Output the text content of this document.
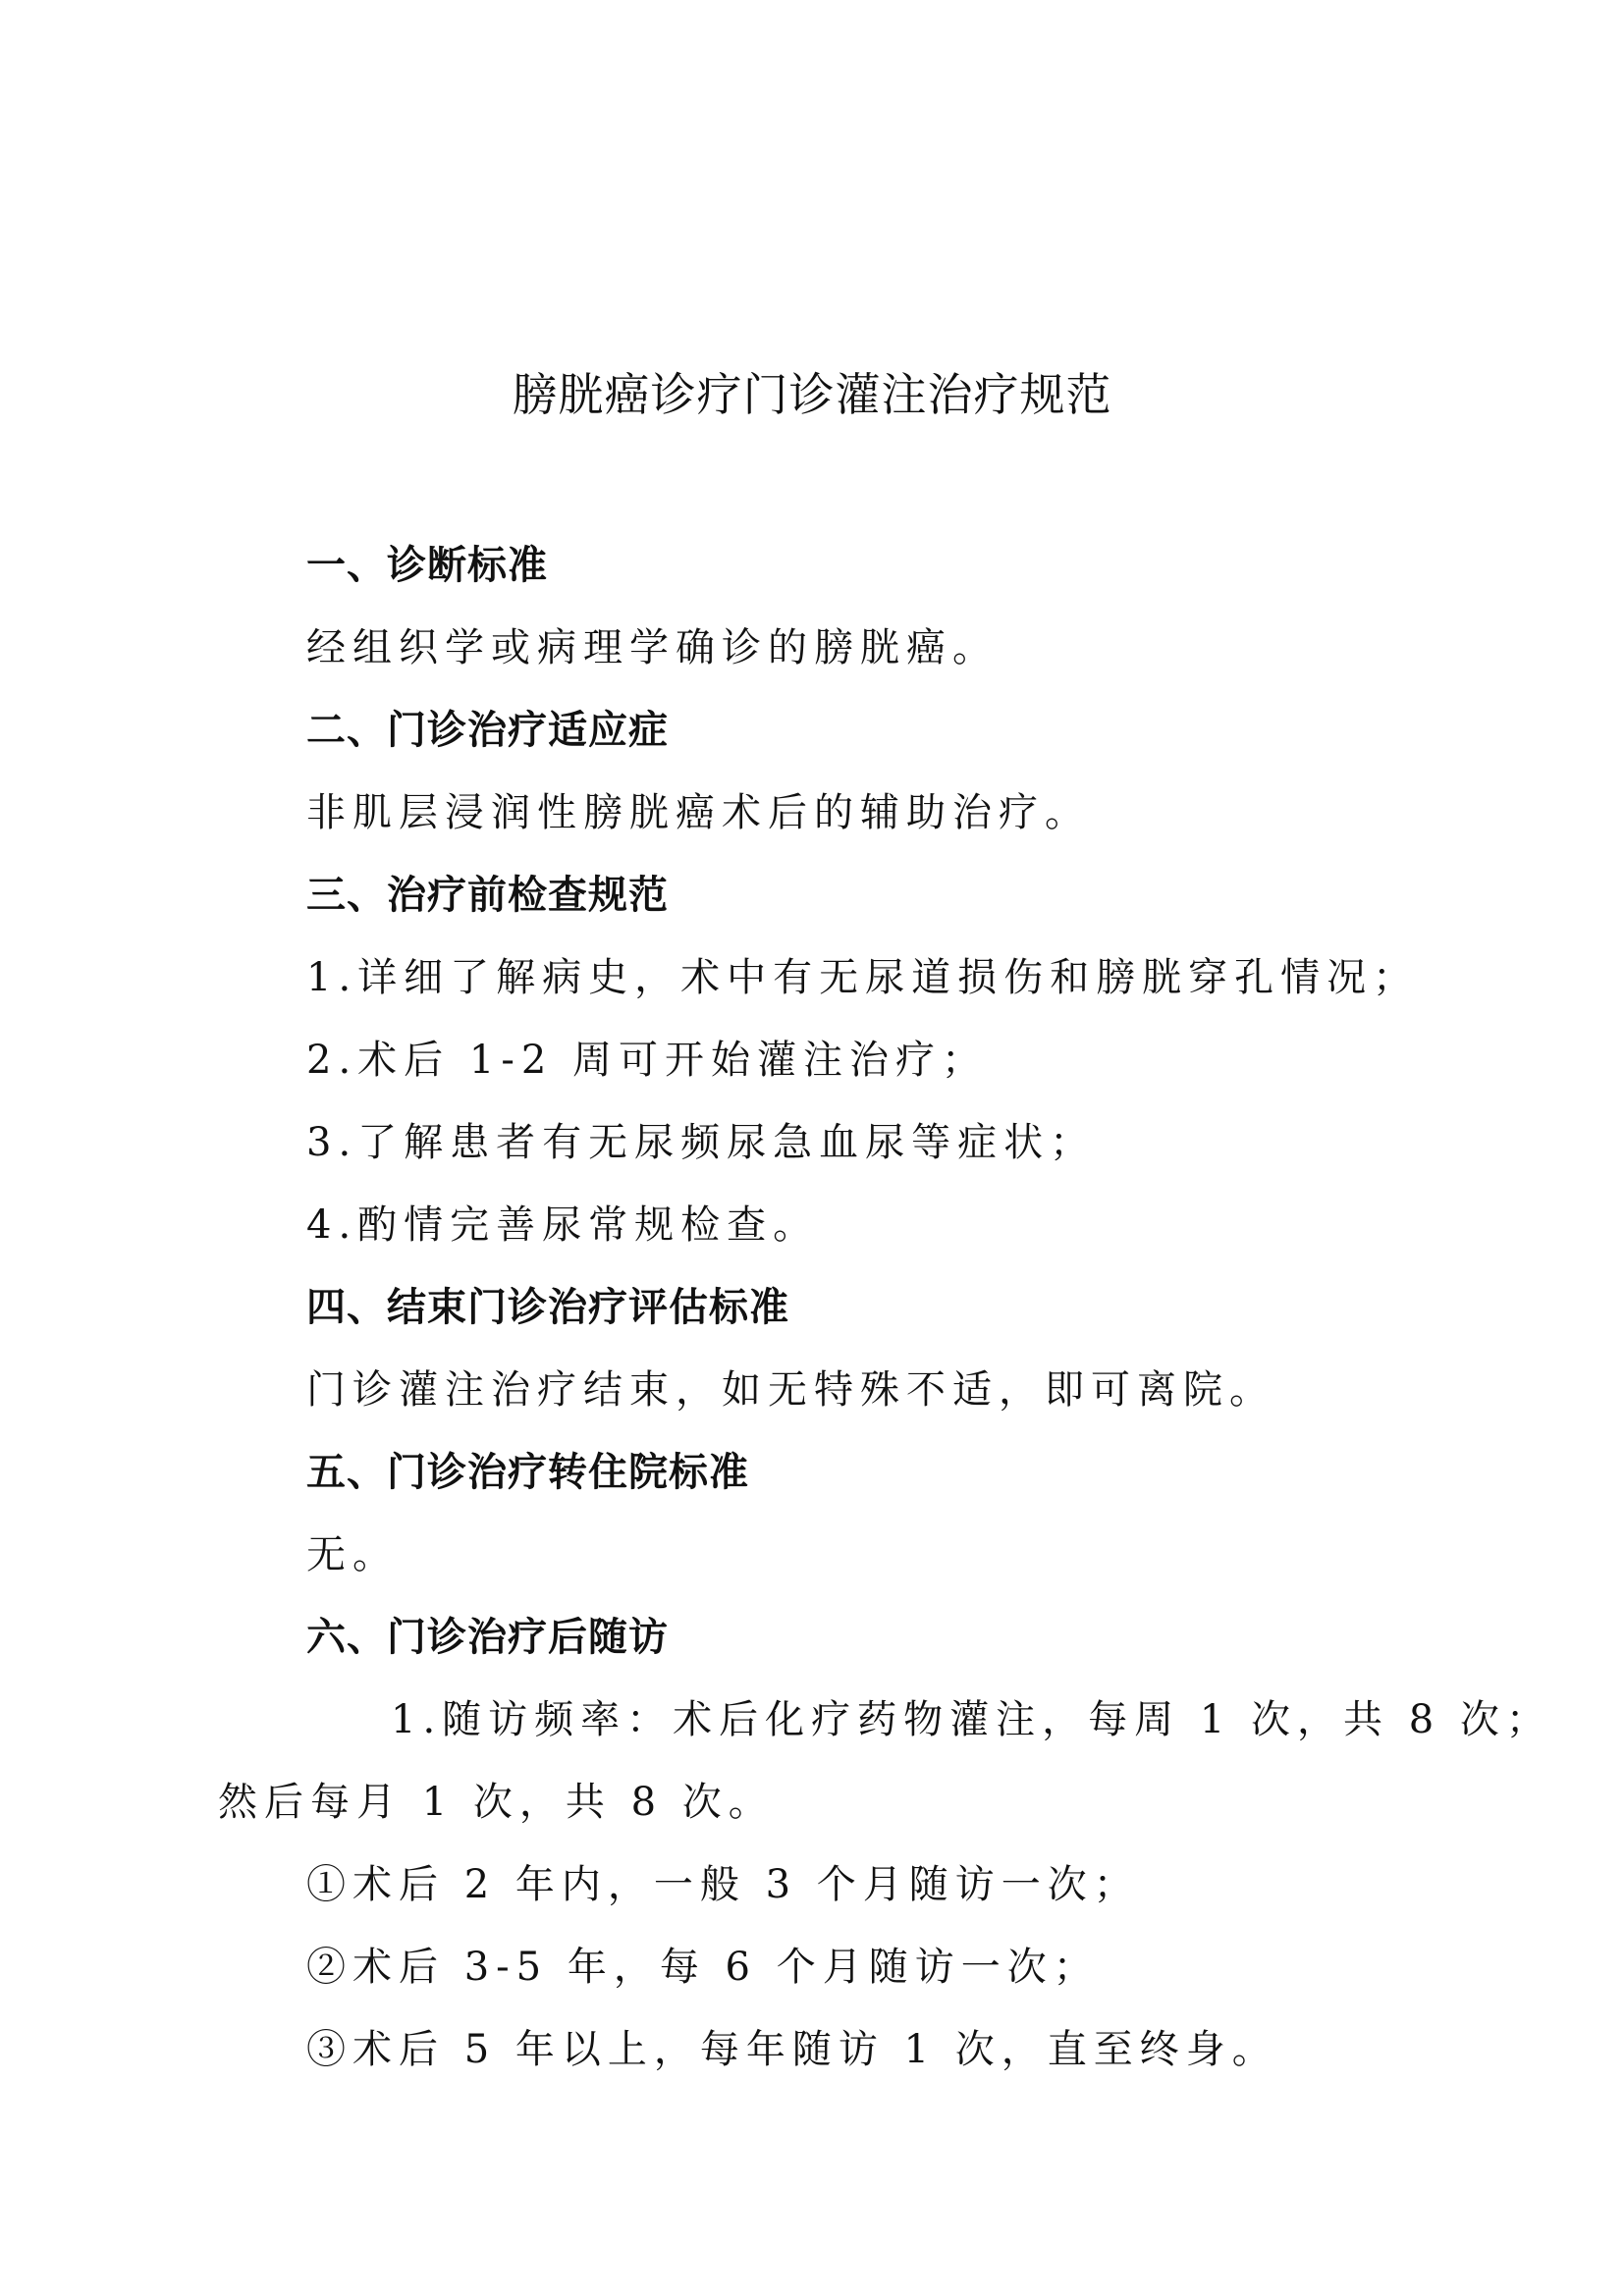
膀胱癌诊疗门诊灌注治疗规范
一、诊断标准
经组织学或病理学确诊的膀胱癌。
二、门诊治疗适应症
非肌层浸润性膀胱癌术后的辅助治疗。
三、治疗前检查规范
1.详细了解病史，术中有无尿道损伤和膀胱穿孔情况；
2.术后 1-2 周可开始灌注治疗；
3.了解患者有无尿频尿急血尿等症状；
4.酌情完善尿常规检查。
四、结束门诊治疗评估标准
门诊灌注治疗结束，如无特殊不适，即可离院。
五、门诊治疗转住院标准
无。
六、门诊治疗后随访
1.随访频率：术后化疗药物灌注，每周 1 次，共 8 次；
然后每月 1 次，共 8 次。
①术后 2 年内，一般 3 个月随访一次；
②术后 3-5 年，每 6 个月随访一次；
③术后 5 年以上，每年随访 1 次，直至终身。
